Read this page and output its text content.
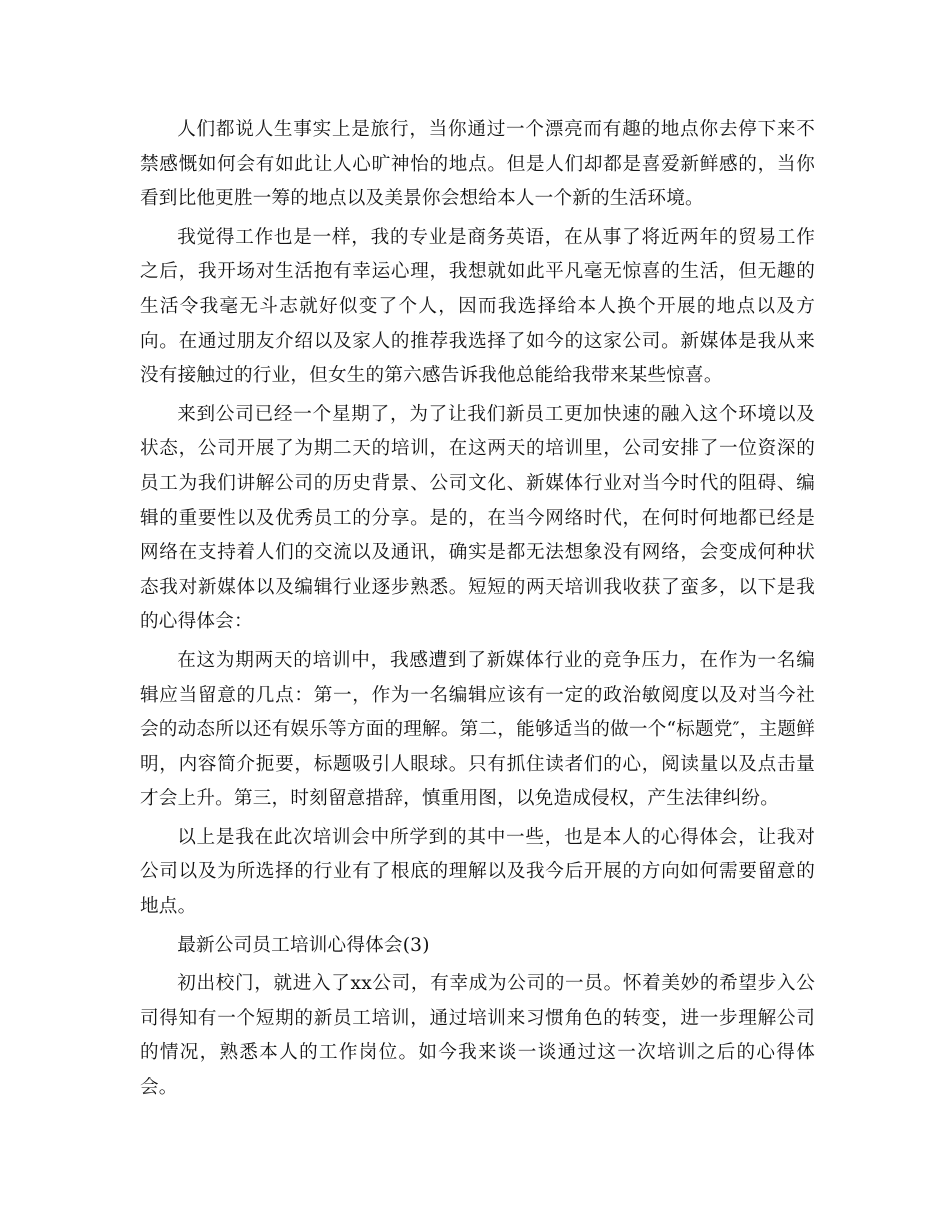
人们都说人生事实上是旅行，当你通过一个漂亮而有趣的地点你去停下来不禁感慨如何会有如此让人心旷神怡的地点。但是人们却都是喜爱新鲜感的，当你看到比他更胜一筹的地点以及美景你会想给本人一个新的生活环境。

我觉得工作也是一样，我的专业是商务英语，在从事了将近两年的贸易工作之后，我开场对生活抱有幸运心理，我想就如此平凡毫无惊喜的生活，但无趣的生活令我毫无斗志就好似变了个人，因而我选择给本人换个开展的地点以及方向。在通过朋友介绍以及家人的推荐我选择了如今的这家公司。新媒体是我从来没有接触过的行业，但女生的第六感告诉我他总能给我带来某些惊喜。

来到公司已经一个星期了，为了让我们新员工更加快速的融入这个环境以及状态，公司开展了为期二天的培训，在这两天的培训里，公司安排了一位资深的员工为我们讲解公司的历史背景、公司文化、新媒体行业对当今时代的阻碍、编辑的重要性以及优秀员工的分享。是的，在当今网络时代，在何时何地都已经是网络在支持着人们的交流以及通讯，确实是都无法想象没有网络，会变成何种状态我对新媒体以及编辑行业逐步熟悉。短短的两天培训我收获了蛮多，以下是我的心得体会：

在这为期两天的培训中，我感遭到了新媒体行业的竞争压力，在作为一名编辑应当留意的几点：第一，作为一名编辑应该有一定的政治敏阅度以及对当今社会的动态所以还有娱乐等方面的理解。第二，能够适当的做一个“标题党″，主题鲜明，内容简介扼要，标题吸引人眼球。只有抓住读者们的心，阅读量以及点击量才会上升。第三，时刻留意措辞，慎重用图，以免造成侵权，产生法律纠纷。

以上是我在此次培训会中所学到的其中一些，也是本人的心得体会，让我对公司以及为所选择的行业有了根底的理解以及我今后开展的方向如何需要留意的地点。

最新公司员工培训心得体会(3)

初出校门，就进入了xx公司，有幸成为公司的一员。怀着美妙的希望步入公司得知有一个短期的新员工培训，通过培训来习惯角色的转变，进一步理解公司的情况，熟悉本人的工作岗位。如今我来谈一谈通过这一次培训之后的心得体会。
